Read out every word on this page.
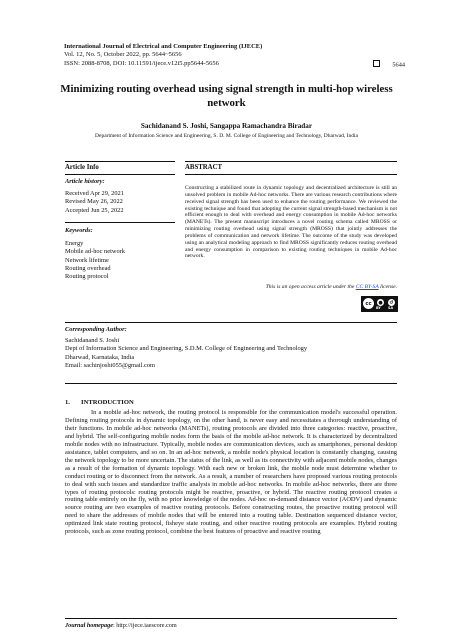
International Journal of Electrical and Computer Engineering (IJECE)
Vol. 12, No. 5, October 2022, pp. 5644~5656
ISSN: 2088-8708, DOI: 10.11591/ijece.v12i5.pp5644-5656	5644
Minimizing routing overhead using signal strength in multi-hop wireless network
Sachidanand S. Joshi, Sangappa Ramachandra Biradar
Department of Information Science and Engineering, S. D. M. College of Engineering and Technology, Dharwad, India
Article Info
Article history:
Received Apr 29, 2021
Revised May 26, 2022
Accepted Jun 25, 2022
Keywords:
Energy
Mobile ad-hoc network
Network lifetime
Routing overhead
Routing protocol
ABSTRACT
Constructing a stabilized route in dynamic topology and decentralized architecture is still an unsolved problem in mobile Ad-hoc networks. There are various research contributions where received signal strength has been used to enhance the routing performance. We reviewed the existing technique and found that adopting the current signal strength-based mechanism is not efficient enough to deal with overhead and energy consumption in mobile Ad-hoc networks (MANETs). The present manuscript introduces a novel routing schema called MROSS or minimizing routing overhead using signal strength (MROSS) that jointly addresses the problems of communication and network lifetime. The outcome of the study was developed using an analytical modeling approach to find MROSS significantly reduces routing overhead and energy consumption in comparison to existing routing techniques in mobile Ad-hoc network.
This is an open access article under the CC BY-SA license.
cc	●	↺
BY SA
Corresponding Author:
Sachidanand S. Joshi
Dept of Information Science and Engineering, S.D.M. College of Engineering and Technology
Dharwad, Karnataka, India
Email: sachinjoshi055@gmail.com
1. INTRODUCTION
In a mobile ad-hoc network, the routing protocol is responsible for the communication model's successful operation. Defining routing protocols in dynamic topology, on the other hand, is never easy and necessitates a thorough understanding of their functions. In mobile ad-hoc networks (MANETs), routing protocols are divided into three categories: reactive, proactive, and hybrid. The self-configuring mobile nodes form the basis of the mobile ad-hoc network. It is characterized by decentralized mobile nodes with no infrastructure. Typically, mobile nodes are communication devices, such as smartphones, personal desktop assistance, tablet computers, and so on. In an ad-hoc network, a mobile node's physical location is constantly changing, causing the network topology to be more uncertain. The status of the link, as well as its connectivity with adjacent mobile nodes, changes as a result of the formation of dynamic topology. With each new or broken link, the mobile node must determine whether to conduct routing or to disconnect from the network. As a result, a number of researchers have proposed various routing protocols to deal with such issues and standardize traffic analysis in mobile ad-hoc networks. In mobile ad-hoc networks, there are three types of routing protocols: routing protocols might be reactive, proactive, or hybrid. The reactive routing protocol creates a routing table entirely on the fly, with no prior knowledge of the nodes. Ad-hoc on-demand distance vector (AODV) and dynamic source routing are two examples of reactive routing protocols. Before constructing routes, the proactive routing protocol will need to share the addresses of mobile nodes that will be entered into a routing table. Destination sequenced distance vector, optimized link state routing protocol, fisheye state routing, and other reactive routing protocols are examples. Hybrid routing protocols, such as zone routing protocol, combine the best features of proactive and reactive routing
Journal homepage: http://ijece.iaescore.com
